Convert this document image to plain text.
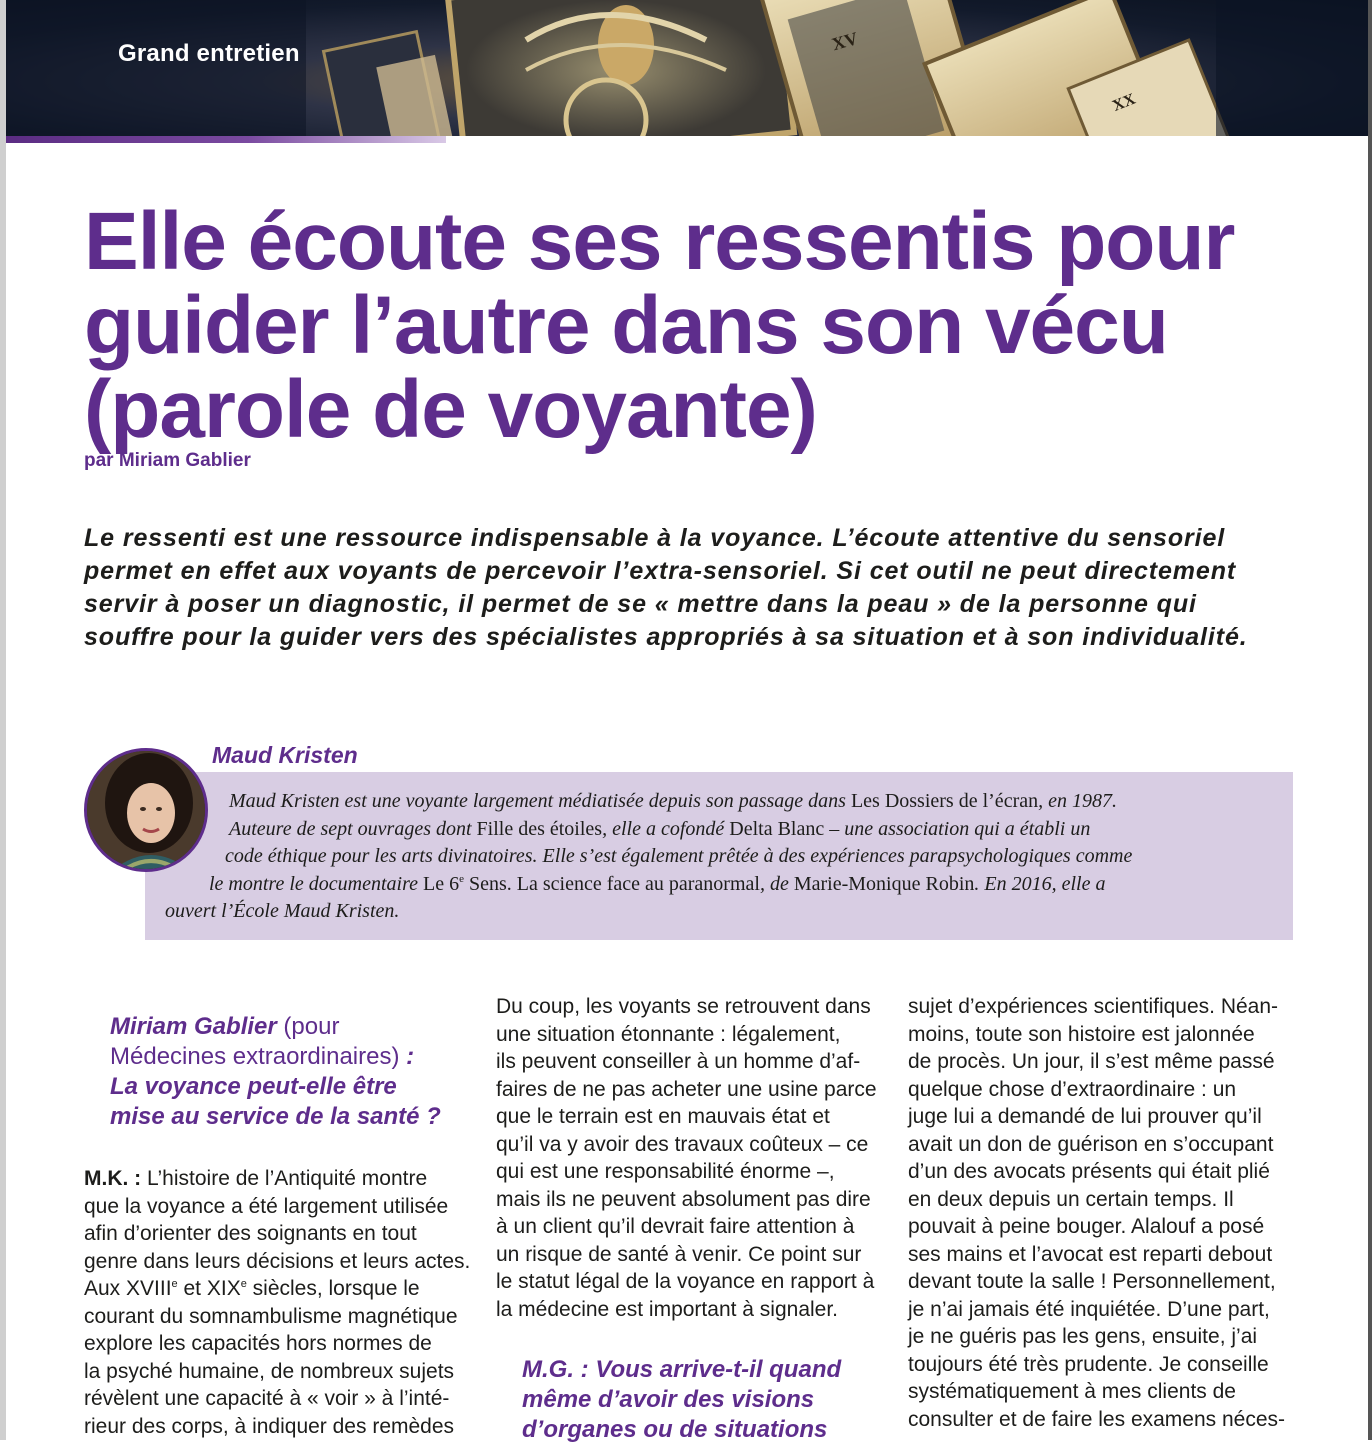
XV
XX
Grand entretien
Elle écoute ses ressentis pour
guider l’autre dans son vécu
(parole de voyante)
par Miriam Gablier
Le ressenti est une ressource indispensable à la voyance. L’écoute attentive du sensoriel permet en effet aux voyants de percevoir l’extra-sensoriel. Si cet outil ne peut directement servir à poser un diagnostic, il permet de se « mettre dans la peau » de la personne qui souffre pour la guider vers des spécialistes appropriés à sa situation et à son individualité.
Maud Kristen est une voyante largement médiatisée depuis son passage dans Les Dossiers de l’écran, en 1987.
Auteure de sept ouvrages dont Fille des étoiles, elle a cofondé Delta Blanc – une association qui a établi un
code éthique pour les arts divinatoires. Elle s’est également prêtée à des expériences parapsychologiques comme
le montre le documentaire Le 6e Sens. La science face au paranormal, de Marie-Monique Robin. En 2016, elle a
ouvert l’École Maud Kristen.
Maud Kristen
Miriam Gablier (pour
Médecines extraordinaires) :
La voyance peut-elle être
mise au service de la santé ?
M.K. : L’histoire de l’Antiquité montre
que la voyance a été largement utilisée
afin d’orienter des soignants en tout
genre dans leurs décisions et leurs actes.
Aux XVIIIe et XIXe siècles, lorsque le
courant du somnambulisme magnétique
explore les capacités hors normes de
la psyché humaine, de nombreux sujets
révèlent une capacité à « voir » à l’inté-
rieur des corps, à indiquer des remèdes
Du coup, les voyants se retrouvent dans
une situation étonnante : légalement,
ils peuvent conseiller à un homme d’af-
faires de ne pas acheter une usine parce
que le terrain est en mauvais état et
qu’il va y avoir des travaux coûteux – ce
qui est une responsabilité énorme –,
mais ils ne peuvent absolument pas dire
à un client qu’il devrait faire attention à
un risque de santé à venir. Ce point sur
le statut légal de la voyance en rapport à
la médecine est important à signaler.
M.G. : Vous arrive-t-il quand
même d’avoir des visions
d’organes ou de situations
sujet d’expériences scientifiques. Néan-
moins, toute son histoire est jalonnée
de procès. Un jour, il s’est même passé
quelque chose d’extraordinaire : un
juge lui a demandé de lui prouver qu’il
avait un don de guérison en s’occupant
d’un des avocats présents qui était plié
en deux depuis un certain temps. Il
pouvait à peine bouger. Alalouf a posé
ses mains et l’avocat est reparti debout
devant toute la salle ! Personnellement,
je n’ai jamais été inquiétée. D’une part,
je ne guéris pas les gens, ensuite, j’ai
toujours été très prudente. Je conseille
systématiquement à mes clients de
consulter et de faire les examens néces-
